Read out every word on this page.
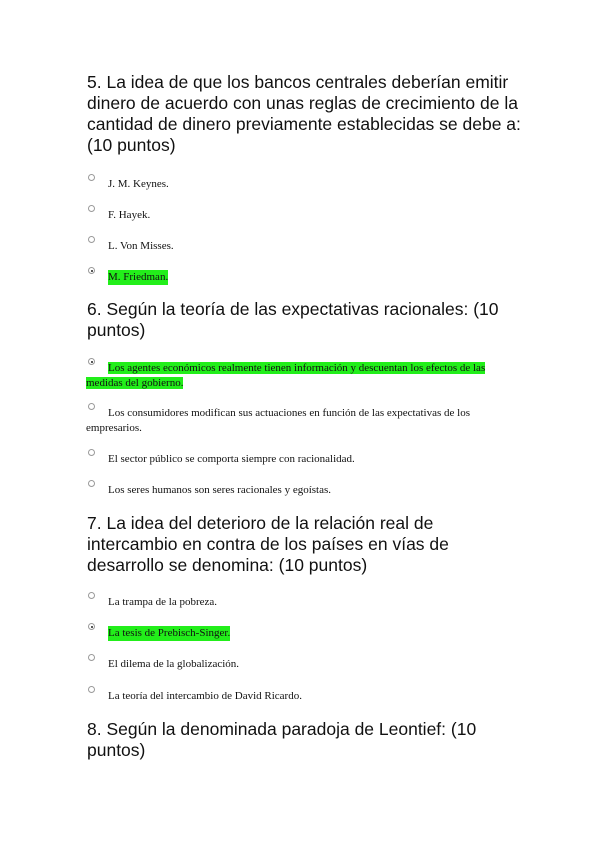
5. La idea de que los bancos centrales deberían emitir dinero de acuerdo con unas reglas de crecimiento de la cantidad de dinero previamente establecidas se debe a: (10 puntos)

J. M. Keynes.
F. Hayek.
L. Von Misses.
M. Friedman.

6. Según la teoría de las expectativas racionales: (10 puntos)

Los agentes económicos realmente tienen información y descuentan los efectos de las medidas del gobierno.
Los consumidores modifican sus actuaciones en función de las expectativas de los empresarios.
El sector público se comporta siempre con racionalidad.
Los seres humanos son seres racionales y egoístas.

7. La idea del deterioro de la relación real de intercambio en contra de los países en vías de desarrollo se denomina: (10 puntos)

La trampa de la pobreza.
La tesis de Prebisch-Singer.
El dilema de la globalización.
La teoría del intercambio de David Ricardo.

8. Según la denominada paradoja de Leontief: (10 puntos)
